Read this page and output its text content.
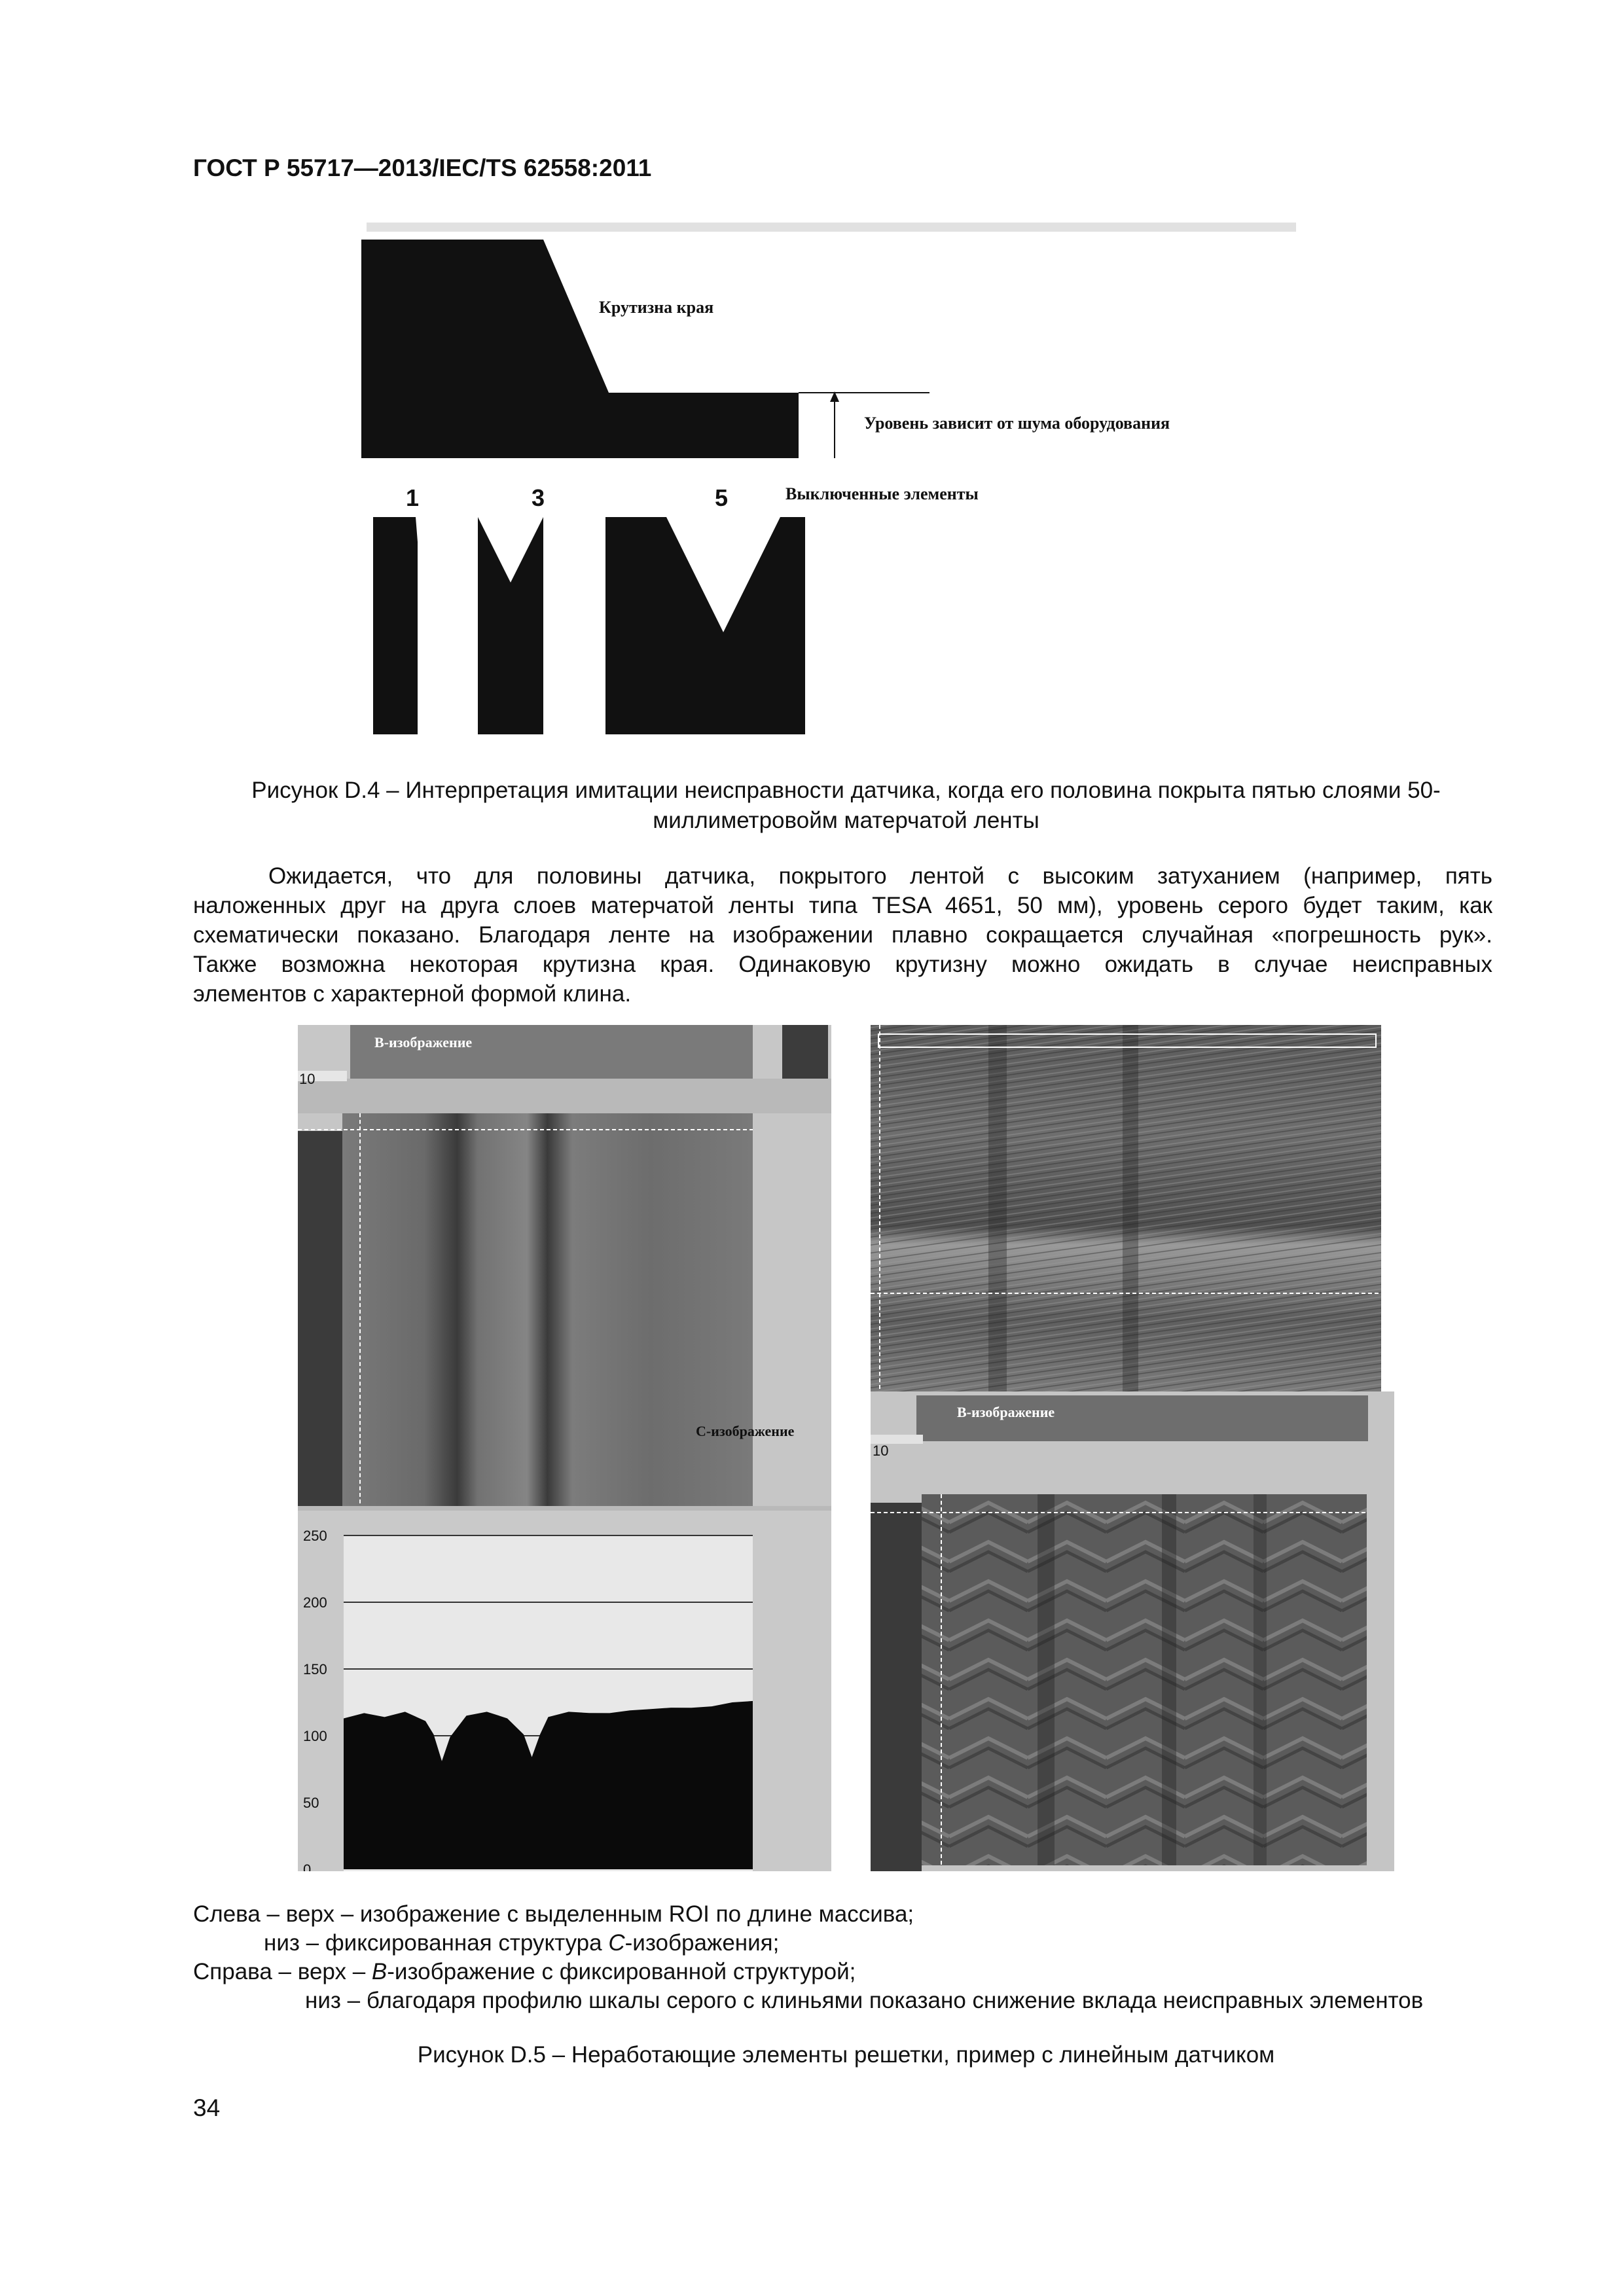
ГОСТ Р 55717—2013/IEC/TS 62558:2011
Крутизна края
Уровень зависит от шума оборудования
Выключенные элементы
1	3	5
Рисунок D.4 – Интерпретация имитации неисправности датчика, когда его половина покрыта пятью слоями 50-
миллиметровойм матерчатой ленты
Ожидается, что для половины датчика, покрытого лентой с высоким затуханием (например, пять
наложенных друг на друга слоев матерчатой ленты типа TESA 4651, 50 мм), уровень серого будет таким, как
схематически показано. Благодаря ленте на изображении плавно сокращается случайная «погрешность рук».
Также возможна некоторая крутизна края. Одинаковую крутизну можно ожидать в случае неисправных
элементов с характерной формой клина.
250
200
150
100
50
0
В-изображение
С-изображение
10
В-изображение
10
Слева – верх – изображение с выделенным ROI по длине массива;
низ – фиксированная структура С-изображения;
Справа – верх – В-изображение с фиксированной структурой;
низ – благодаря профилю шкалы серого с клиньями показано снижение вклада неисправных элементов
Рисунок D.5 – Неработающие элементы решетки, пример с линейным датчиком
34
